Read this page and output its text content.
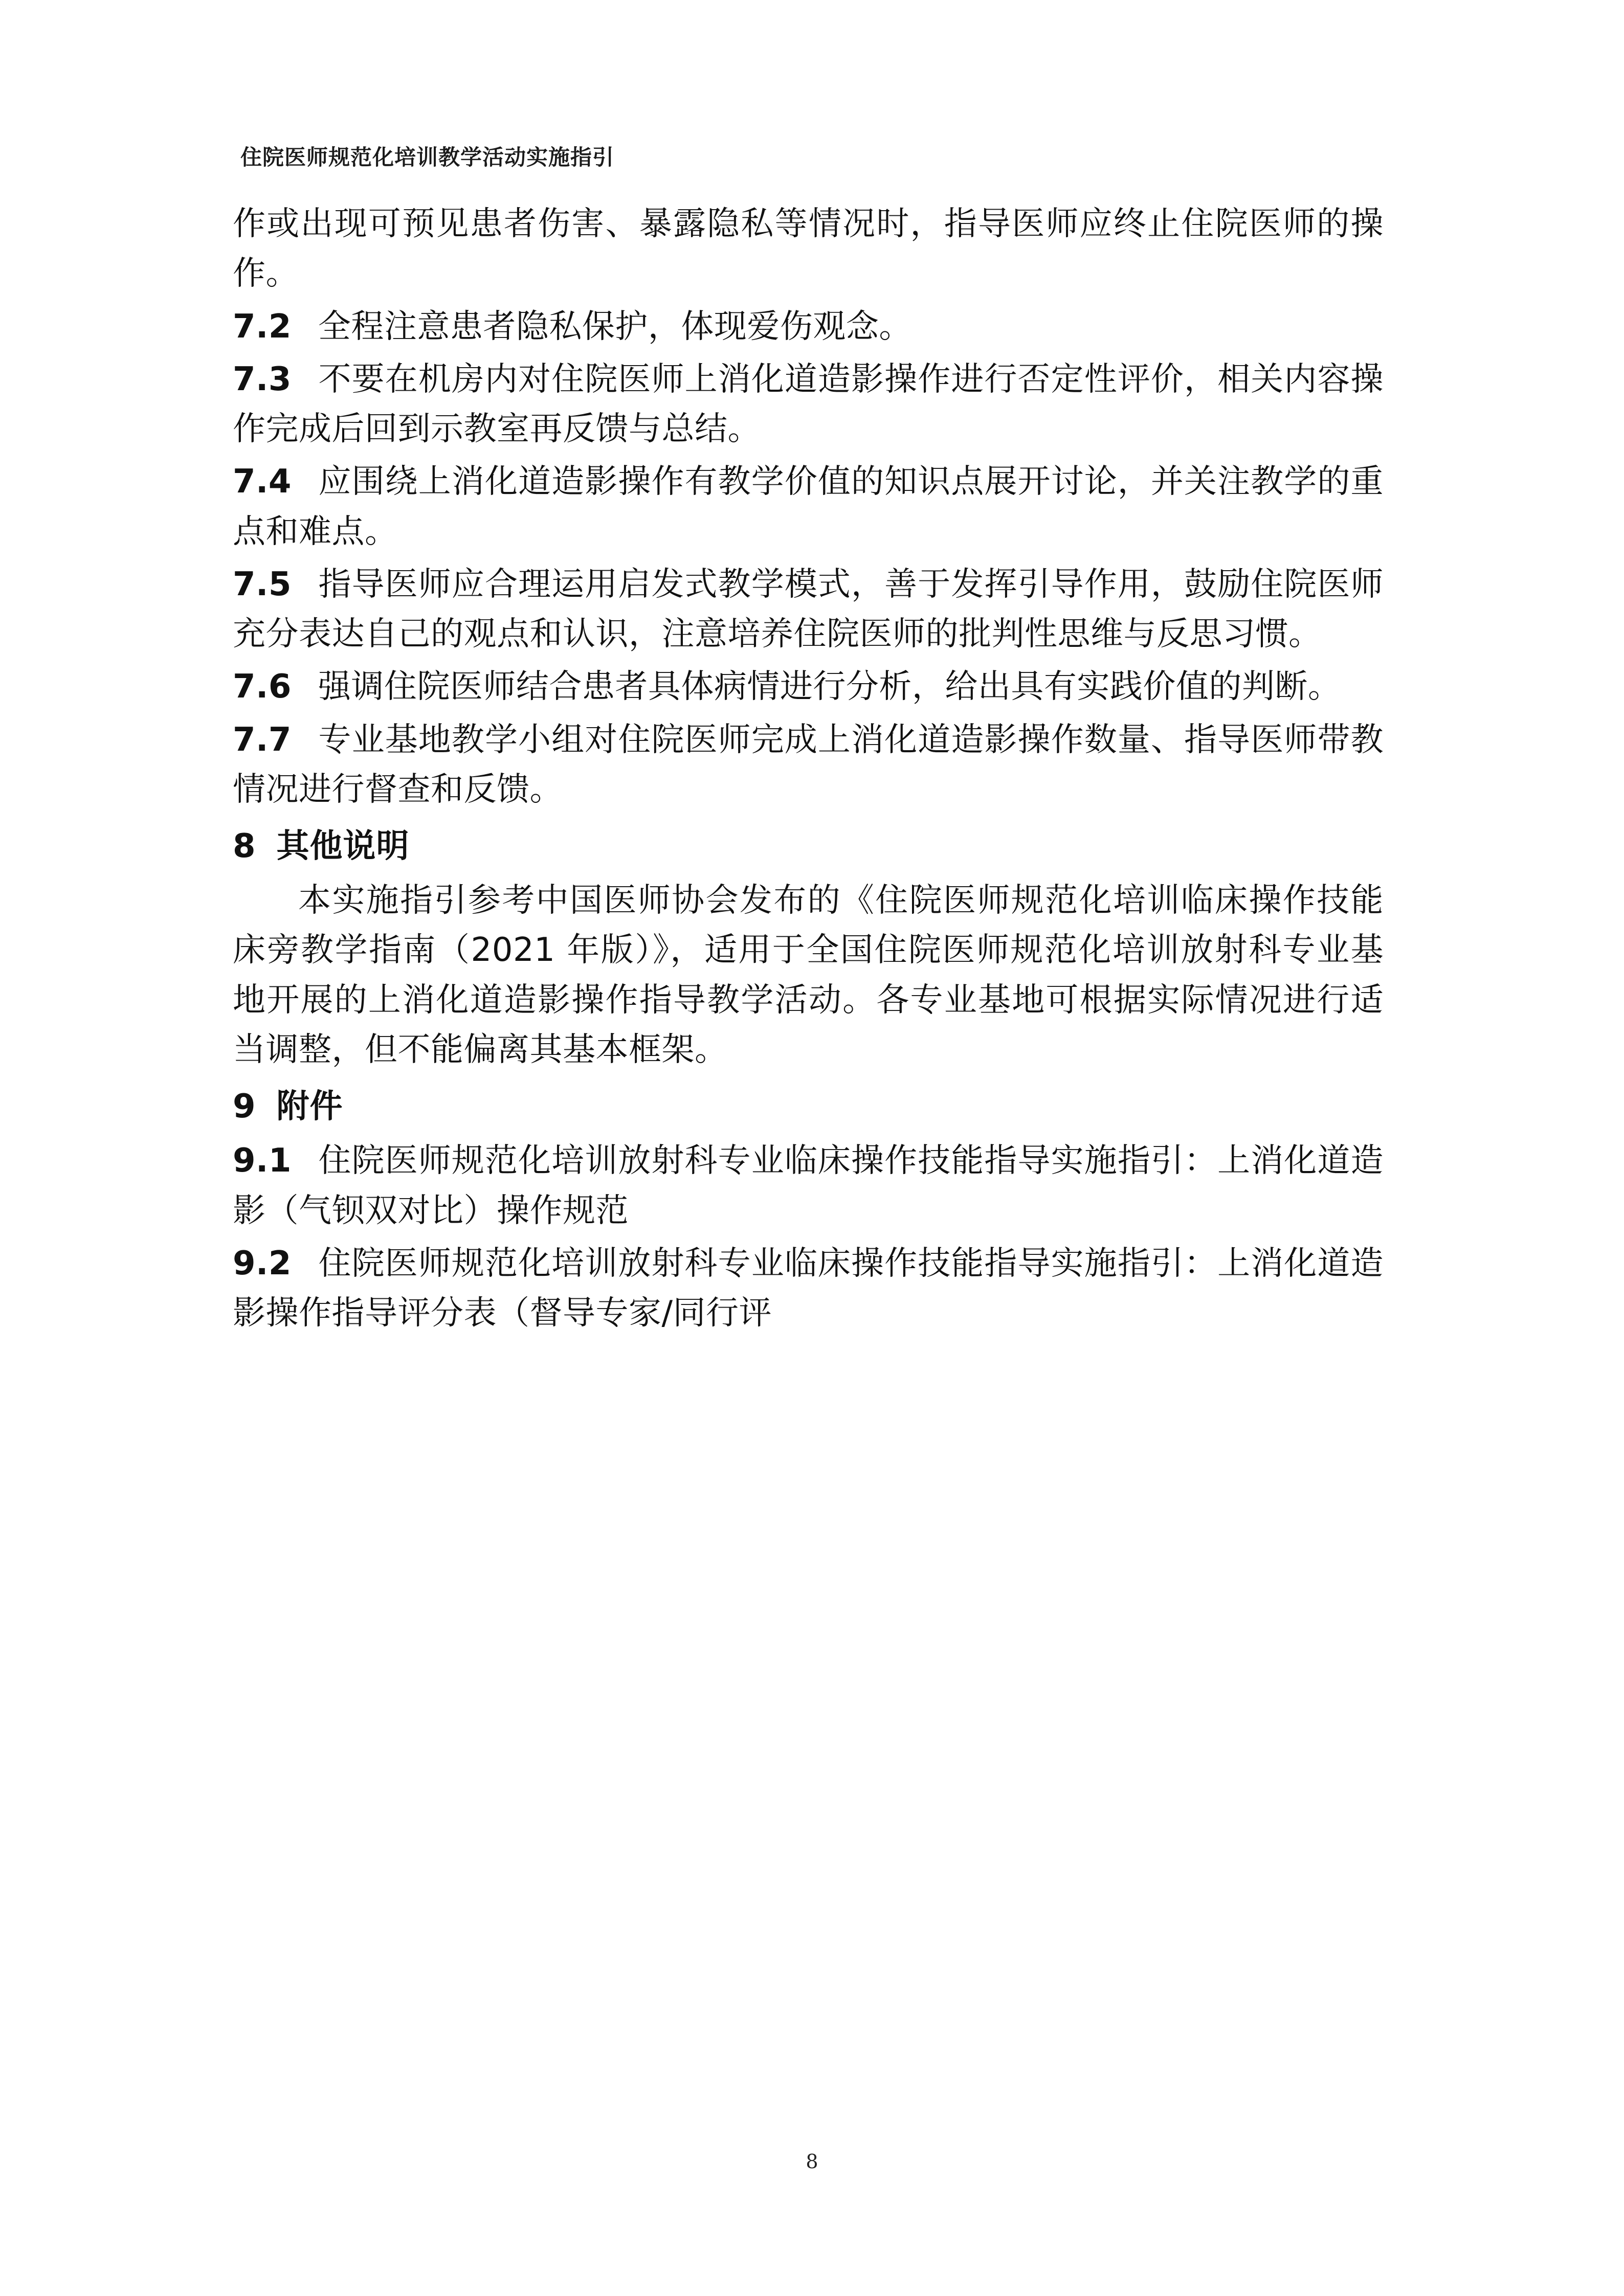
住院医师规范化培训教学活动实施指引

作或出现可预见患者伤害、暴露隐私等情况时，指导医师应终止住院医师的操作。

7.2 全程注意患者隐私保护，体现爱伤观念。

7.3 不要在机房内对住院医师上消化道造影操作进行否定性评价，相关内容操作完成后回到示教室再反馈与总结。

7.4 应围绕上消化道造影操作有教学价值的知识点展开讨论，并关注教学的重点和难点。

7.5 指导医师应合理运用启发式教学模式，善于发挥引导作用，鼓励住院医师充分表达自己的观点和认识，注意培养住院医师的批判性思维与反思习惯。

7.6 强调住院医师结合患者具体病情进行分析，给出具有实践价值的判断。

7.7 专业基地教学小组对住院医师完成上消化道造影操作数量、指导医师带教情况进行督查和反馈。

8 其他说明

本实施指引参考中国医师协会发布的《住院医师规范化培训临床操作技能床旁教学指南（2021 年版）》，适用于全国住院医师规范化培训放射科专业基地开展的上消化道造影操作指导教学活动。各专业基地可根据实际情况进行适当调整，但不能偏离其基本框架。

9 附件

9.1 住院医师规范化培训放射科专业临床操作技能指导实施指引：上消化道造影（气钡双对比）操作规范

9.2 住院医师规范化培训放射科专业临床操作技能指导实施指引：上消化道造影操作指导评分表（督导专家/同行评

8
